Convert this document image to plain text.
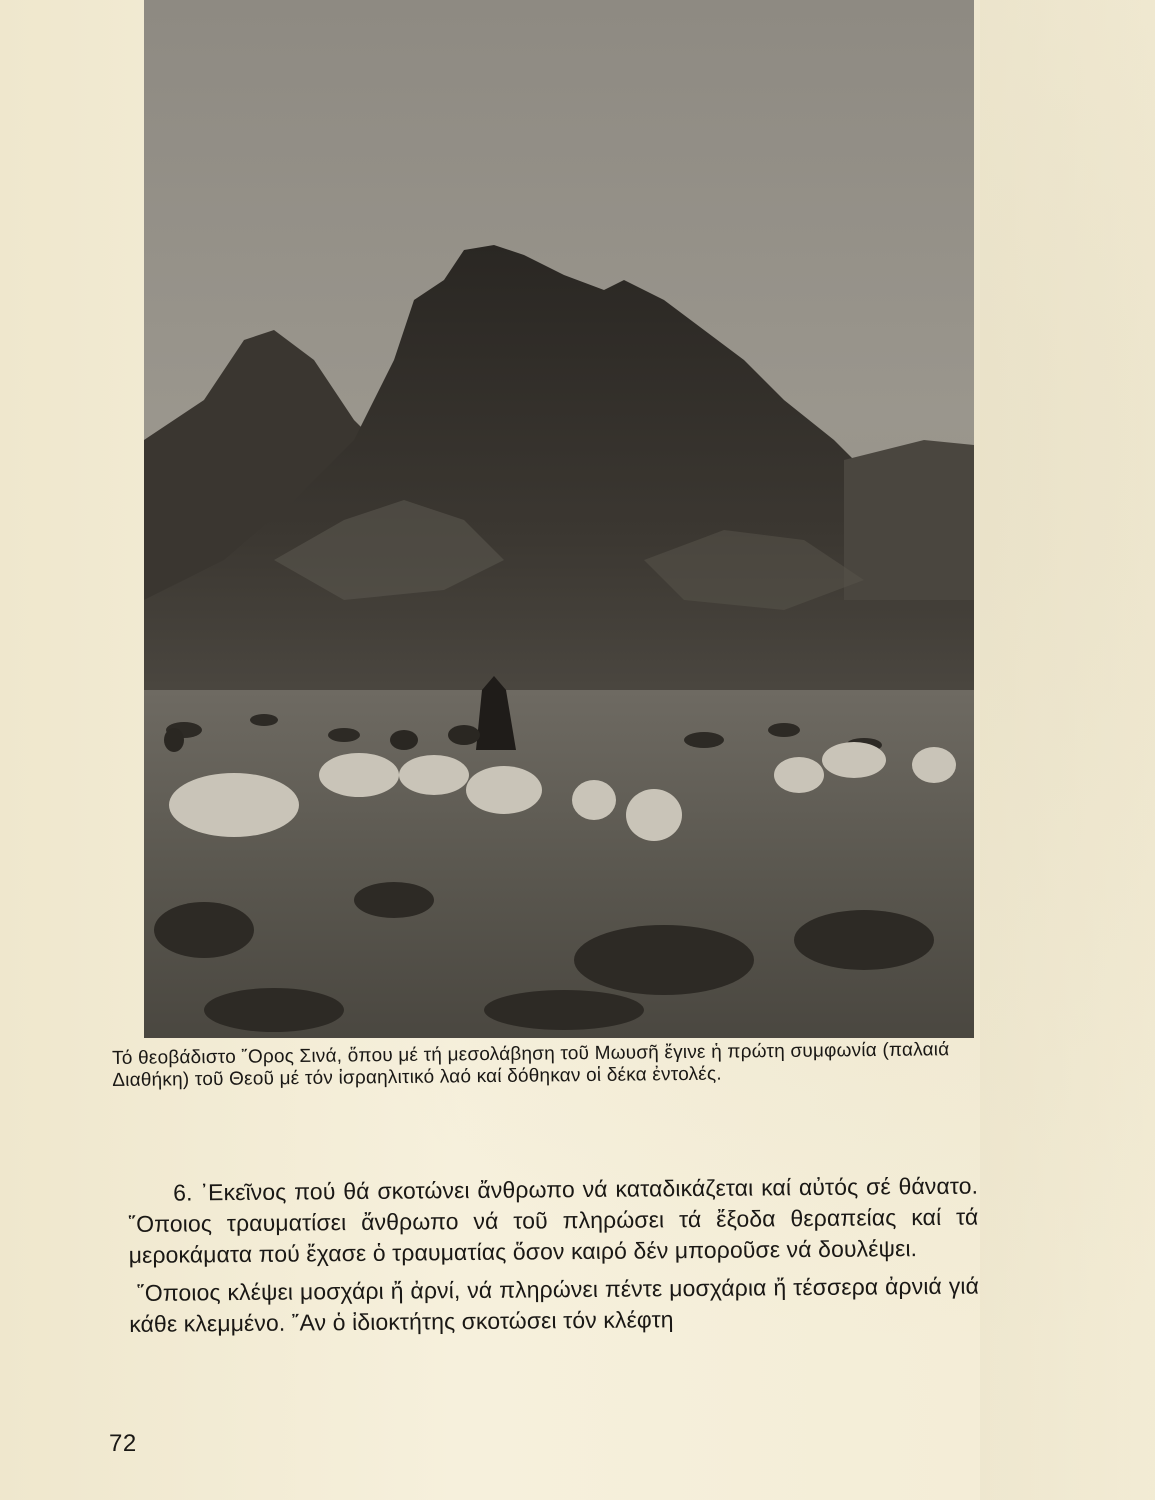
Τό θεοβάδιστο ῎Ορος Σινά, ὅπου μέ τή μεσολάβηση τοῦ Μωυσῆ ἔγινε ἡ πρώτη συμφωνία (παλαιά Διαθήκη) τοῦ Θεοῦ μέ τόν ἰσραηλιτικό λαό καί δόθηκαν οἱ δέκα ἐντολές.

6. ᾿Εκεῖνος πού θά σκοτώνει ἄνθρωπο νά καταδικάζεται καί αὐτός σέ θάνατο. ῞Οποιος τραυματίσει ἄνθρωπο νά τοῦ πληρώσει τά ἔξοδα θεραπείας καί τά μεροκάματα πού ἔχασε ὁ τραυματίας ὅσον καιρό δέν μποροῦσε νά δουλέψει.

῞Οποιος κλέψει μοσχάρι ἤ ἀρνί, νά πληρώνει πέντε μοσχάρια ἤ τέσσερα ἀρνιά γιά κάθε κλεμμένο. ῎Αν ὁ ἰδιοκτήτης σκοτώσει τόν κλέφτη

72
